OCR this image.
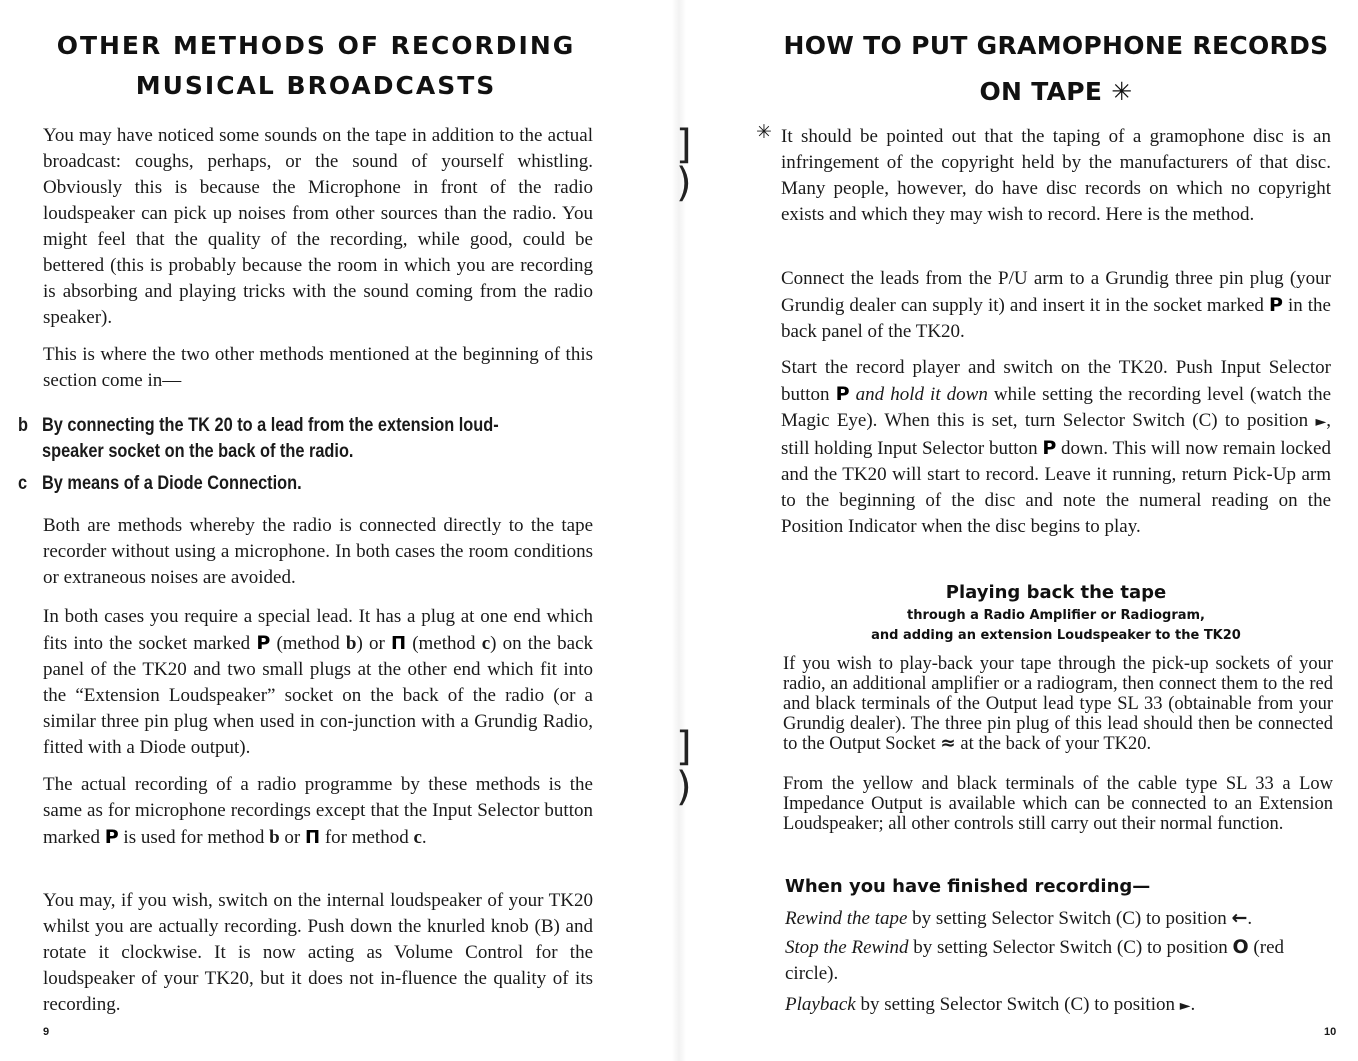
OTHER METHODS OF RECORDING
MUSICAL BROADCASTS

You may have noticed some sounds on the tape in addition to the actual broadcast: coughs, perhaps, or the sound of yourself whistling. Obviously this is because the Microphone in front of the radio loudspeaker can pick up noises from other sources than the radio. You might feel that the quality of the recording, while good, could be bettered (this is probably because the room in which you are recording is absorbing and playing tricks with the sound coming from the radio speaker).

This is where the two other methods mentioned at the beginning of this section come in—

b By connecting the TK 20 to a lead from the extension loud-
speaker socket on the back of the radio.
c By means of a Diode Connection.

Both are methods whereby the radio is connected directly to the tape recorder without using a microphone. In both cases the room conditions or extraneous noises are avoided.

In both cases you require a special lead. It has a plug at one end which fits into the socket marked Ρ (method b) or Π (method c) on the back panel of the TK20 and two small plugs at the other end which fit into the “Extension Loudspeaker” socket on the back of the radio (or a similar three pin plug when used in con-junction with a Grundig Radio, fitted with a Diode output).

The actual recording of a radio programme by these methods is the same as for microphone recordings except that the Input Selector button marked Ρ is used for method b or Π for method c.

You may, if you wish, switch on the internal loudspeaker of your TK20 whilst you are actually recording. Push down the knurled knob (B) and rotate it clockwise. It is now acting as Volume Control for the loudspeaker of your TK20, but it does not in-fluence the quality of its recording.

9
]
)
]
)
HOW TO PUT GRAMOPHONE RECORDS
ON TAPE ✳
✳ It should be pointed out that the taping of a gramophone disc is an infringement of the copyright held by the manufacturers of that disc. Many people, however, do have disc records on which no copyright exists and which they may wish to record. Here is the method.

Connect the leads from the P/U arm to a Grundig three pin plug (your Grundig dealer can supply it) and insert it in the socket marked Ρ in the back panel of the TK20.

Start the record player and switch on the TK20. Push Input Selector button Ρ and hold it down while setting the recording level (watch the Magic Eye). When this is set, turn Selector Switch (C) to position ►, still holding Input Selector button Ρ down. This will now remain locked and the TK20 will start to record. Leave it running, return Pick-Up arm to the beginning of the disc and note the numeral reading on the Position Indicator when the disc begins to play.

Playing back the tape
through a Radio Amplifier or Radiogram,
and adding an extension Loudspeaker to the TK20

If you wish to play-back your tape through the pick-up sockets of your radio, an additional amplifier or a radiogram, then connect them to the red and black terminals of the Output lead type SL 33 (obtainable from your Grundig dealer). The three pin plug of this lead should then be connected to the Output Socket ≈ at the back of your TK20.

From the yellow and black terminals of the cable type SL 33 a Low Impedance Output is available which can be connected to an Extension Loudspeaker; all other controls still carry out their normal function.

When you have finished recording—

Rewind the tape by setting Selector Switch (C) to position ←.

Stop the Rewind by setting Selector Switch (C) to position O (red circle).

Playback by setting Selector Switch (C) to position ►.

10
